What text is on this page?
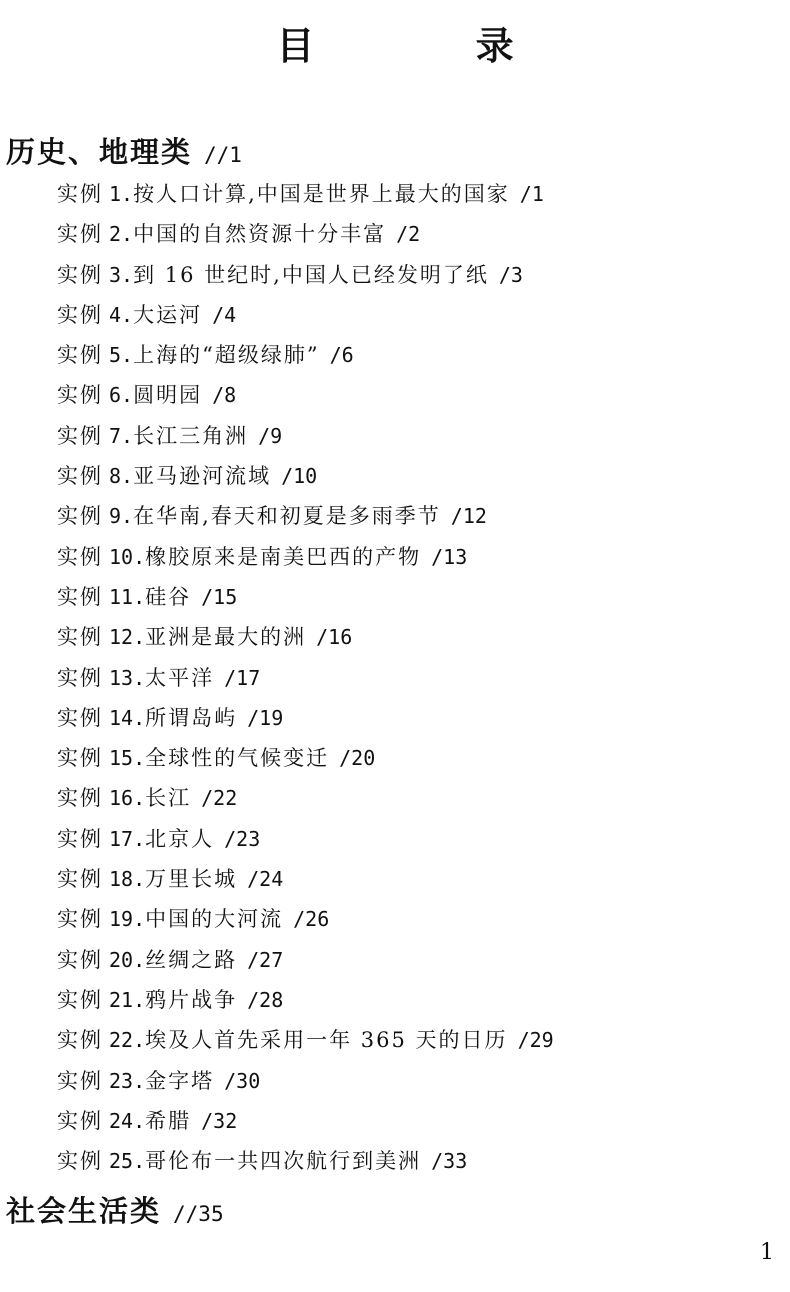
目 录
历史、地理类 //1
实例 1.按人口计算,中国是世界上最大的国家 /1
实例 2.中国的自然资源十分丰富 /2
实例 3.到 16 世纪时,中国人已经发明了纸 /3
实例 4.大运河 /4
实例 5.上海的“超级绿肺” /6
实例 6.圆明园 /8
实例 7.长江三角洲 /9
实例 8.亚马逊河流域 /10
实例 9.在华南,春天和初夏是多雨季节 /12
实例 10.橡胶原来是南美巴西的产物 /13
实例 11.硅谷 /15
实例 12.亚洲是最大的洲 /16
实例 13.太平洋 /17
实例 14.所谓岛屿 /19
实例 15.全球性的气候变迁 /20
实例 16.长江 /22
实例 17.北京人 /23
实例 18.万里长城 /24
实例 19.中国的大河流 /26
实例 20.丝绸之路 /27
实例 21.鸦片战争 /28
实例 22.埃及人首先采用一年 365 天的日历 /29
实例 23.金字塔 /30
实例 24.希腊 /32
实例 25.哥伦布一共四次航行到美洲 /33
社会生活类 //35
1
